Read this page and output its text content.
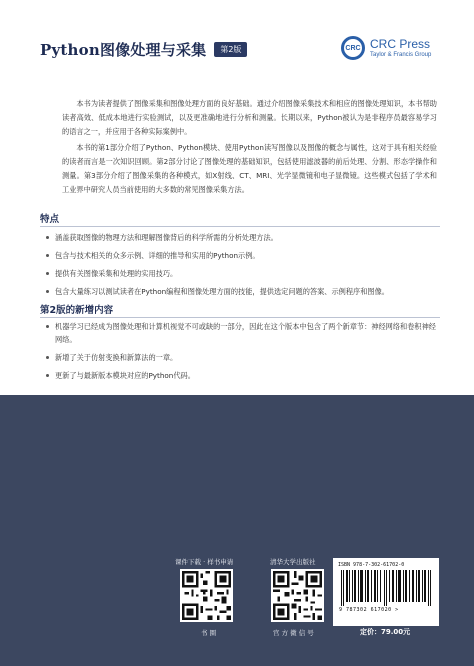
Python图像处理与采集	第2版	CRC CRC Press
Taylor & Francis Group

本书为读者提供了图像采集和图像处理方面的良好基础。通过介绍图像采集技术和相应的图像处理知识，本书帮助读者高效、低成本地进行实验测试，以及更准确地进行分析和测量。长期以来，Python被认为是非程序员最容易学习的语言之一，并应用于各种实际案例中。

本书的第1部分介绍了Python、Python模块、使用Python读写图像以及图像的概念与属性，这对于具有相关经验的读者而言是一次知识回顾。第2部分讨论了图像处理的基础知识，包括使用滤波器的前后处理、分割、形态学操作和测量。第3部分介绍了图像采集的各种模式，如X射线、CT、MRI、光学显微镜和电子显微镜。这些模式包括了学术和工业界中研究人员当前使用的大多数的常见图像采集方法。

特点
涵盖获取图像的物理方法和理解图像背后的科学所需的分析处理方法。
包含与技术相关的众多示例、详细的推导和实用的Python示例。
提供有关图像采集和处理的实用技巧。
包含大量练习以测试读者在Python编程和图像处理方面的技能，提供选定问题的答案、示例程序和图像。
第2版的新增内容
机器学习已经成为图像处理和计算机视觉不可或缺的一部分，因此在这个版本中包含了两个新章节：神经网络和卷积神经网络。
新增了关于仿射变换和新算法的一章。
更新了与最新版本模块对应的Python代码。
课件下载 · 样书申请
书 圈
清华大学出版社
官 方 微 信 号
ISBN 978-7-302-61702-0
9 787302 617020 >
定价：79.00元
